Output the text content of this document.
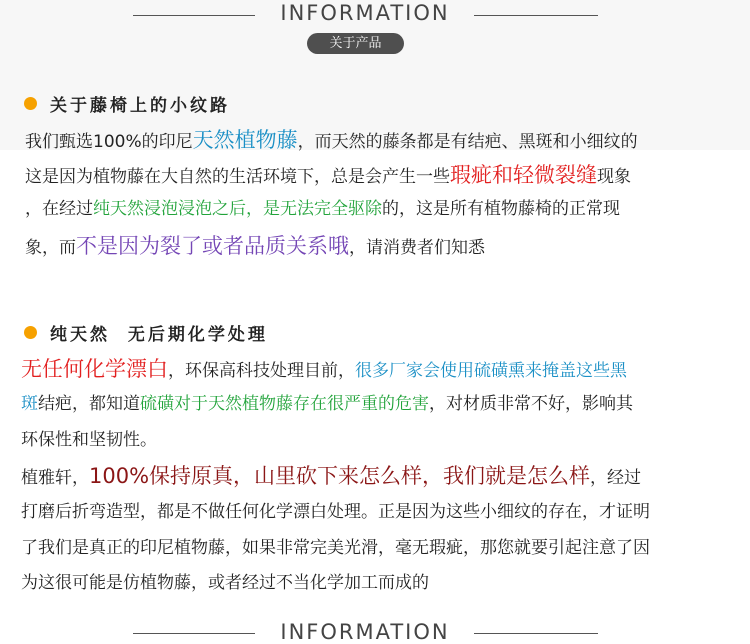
INFORMATION
关于产品
关于藤椅上的小纹路
我们甄选100%的印尼天然植物藤，而天然的藤条都是有结疤、黑斑和小细纹的
这是因为植物藤在大自然的生活环境下，总是会产生一些瑕疵和轻微裂缝现象
，在经过纯天然浸泡浸泡之后，是无法完全驱除的，这是所有植物藤椅的正常现
象，而不是因为裂了或者品质关系哦，请消费者们知悉
纯天然  无后期化学处理
无任何化学漂白，环保高科技处理目前，很多厂家会使用硫磺熏来掩盖这些黑
斑结疤，都知道硫磺对于天然植物藤存在很严重的危害，对材质非常不好，影响其
环保性和坚韧性。
植雅轩，100%保持原真，山里砍下来怎么样，我们就是怎么样，经过
打磨后折弯造型，都是不做任何化学漂白处理。正是因为这些小细纹的存在，才证明
了我们是真正的印尼植物藤，如果非常完美光滑，毫无瑕疵，那您就要引起注意了因
为这很可能是仿植物藤，或者经过不当化学加工而成的
INFORMATION
